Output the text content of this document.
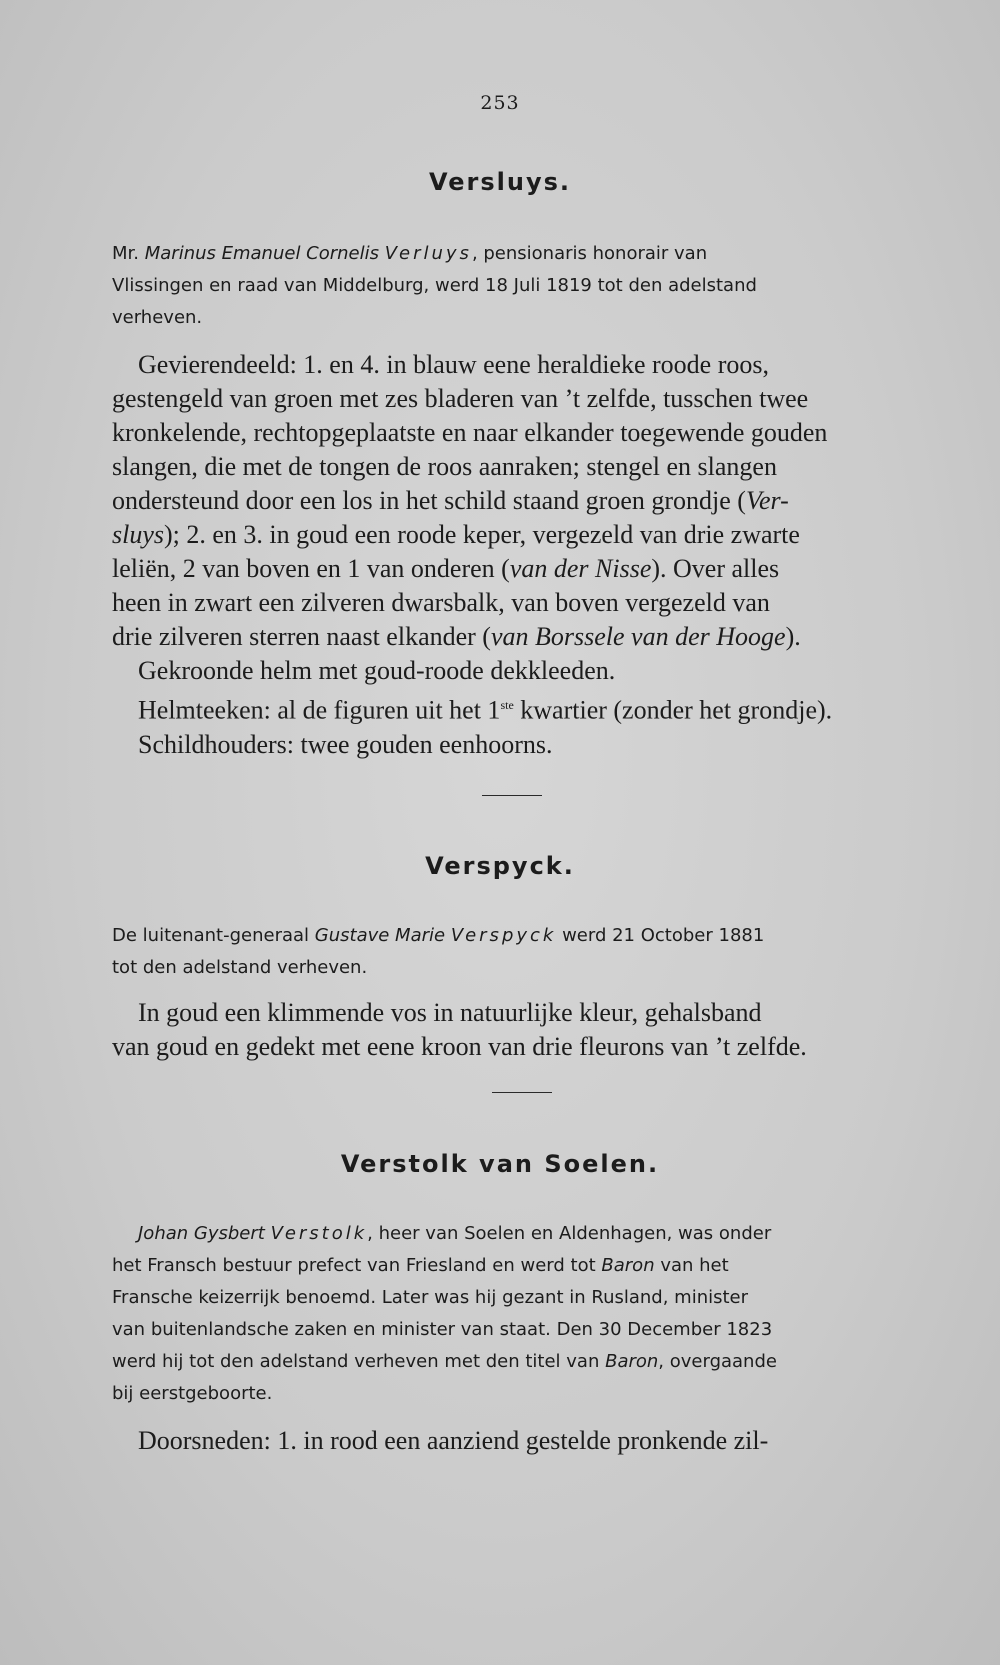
253
Versluys.
Mr. Marinus Emanuel Cornelis Verluys, pensionaris honorair van
Vlissingen en raad van Middelburg, werd 18 Juli 1819 tot den adelstand
verheven.
Gevierendeeld: 1. en 4. in blauw eene heraldieke roode roos,
gestengeld van groen met zes bladeren van ’t zelfde, tusschen twee
kronkelende, rechtopgeplaatste en naar elkander toegewende gouden
slangen, die met de tongen de roos aanraken; stengel en slangen
ondersteund door een los in het schild staand groen grondje (Ver-
sluys); 2. en 3. in goud een roode keper, vergezeld van drie zwarte
leliën, 2 van boven en 1 van onderen (van der Nisse). Over alles
heen in zwart een zilveren dwarsbalk, van boven vergezeld van
drie zilveren sterren naast elkander (van Borssele van der Hooge).
Gekroonde helm met goud-roode dekkleeden.
Helmteeken: al de figuren uit het 1ste kwartier (zonder het grondje).
Schildhouders: twee gouden eenhoorns.
Verspyck.
De luitenant-generaal Gustave Marie Verspyck werd 21 October 1881
tot den adelstand verheven.
In goud een klimmende vos in natuurlijke kleur, gehalsband
van goud en gedekt met eene kroon van drie fleurons van ’t zelfde.
Verstolk van Soelen.
Johan Gysbert Verstolk, heer van Soelen en Aldenhagen, was onder
het Fransch bestuur prefect van Friesland en werd tot Baron van het
Fransche keizerrijk benoemd. Later was hij gezant in Rusland, minister
van buitenlandsche zaken en minister van staat. Den 30 December 1823
werd hij tot den adelstand verheven met den titel van Baron, overgaande
bij eerstgeboorte.
Doorsneden: 1. in rood een aanziend gestelde pronkende zil-
